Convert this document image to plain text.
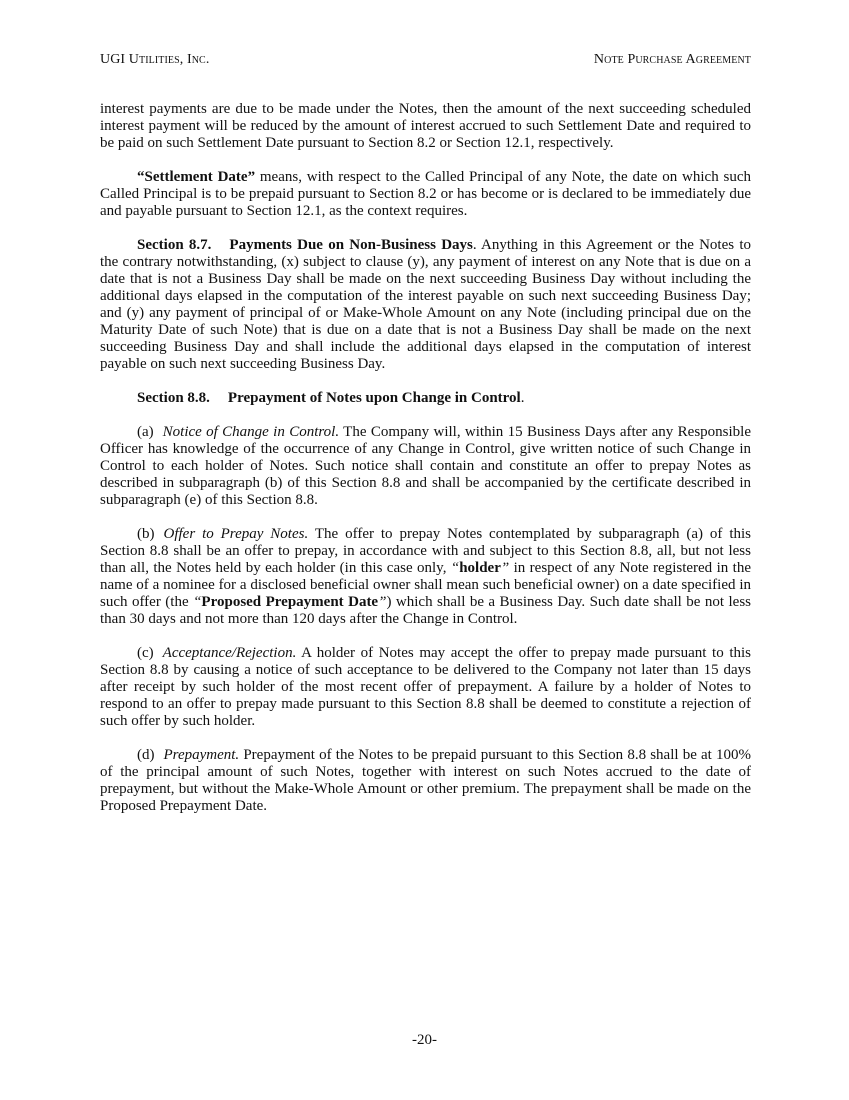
UGI Utilities, Inc.	Note Purchase Agreement

interest payments are due to be made under the Notes, then the amount of the next succeeding scheduled interest payment will be reduced by the amount of interest accrued to such Settlement Date and required to be paid on such Settlement Date pursuant to Section 8.2 or Section 12.1, respectively.

“Settlement Date” means, with respect to the Called Principal of any Note, the date on which such Called Principal is to be prepaid pursuant to Section 8.2 or has become or is declared to be immediately due and payable pursuant to Section 12.1, as the context requires.

Section 8.7. Payments Due on Non-Business Days. Anything in this Agreement or the Notes to the contrary notwithstanding, (x) subject to clause (y), any payment of interest on any Note that is due on a date that is not a Business Day shall be made on the next succeeding Business Day without including the additional days elapsed in the computation of the interest payable on such next succeeding Business Day; and (y) any payment of principal of or Make-Whole Amount on any Note (including principal due on the Maturity Date of such Note) that is due on a date that is not a Business Day shall be made on the next succeeding Business Day and shall include the additional days elapsed in the computation of interest payable on such next succeeding Business Day.

Section 8.8. Prepayment of Notes upon Change in Control.

(a) Notice of Change in Control. The Company will, within 15 Business Days after any Responsible Officer has knowledge of the occurrence of any Change in Control, give written notice of such Change in Control to each holder of Notes. Such notice shall contain and constitute an offer to prepay Notes as described in subparagraph (b) of this Section 8.8 and shall be accompanied by the certificate described in subparagraph (e) of this Section 8.8.

(b) Offer to Prepay Notes. The offer to prepay Notes contemplated by subparagraph (a) of this Section 8.8 shall be an offer to prepay, in accordance with and subject to this Section 8.8, all, but not less than all, the Notes held by each holder (in this case only, “holder” in respect of any Note registered in the name of a nominee for a disclosed beneficial owner shall mean such beneficial owner) on a date specified in such offer (the “Proposed Prepayment Date”) which shall be a Business Day. Such date shall be not less than 30 days and not more than 120 days after the Change in Control.

(c) Acceptance/Rejection. A holder of Notes may accept the offer to prepay made pursuant to this Section 8.8 by causing a notice of such acceptance to be delivered to the Company not later than 15 days after receipt by such holder of the most recent offer of prepayment. A failure by a holder of Notes to respond to an offer to prepay made pursuant to this Section 8.8 shall be deemed to constitute a rejection of such offer by such holder.

(d) Prepayment. Prepayment of the Notes to be prepaid pursuant to this Section 8.8 shall be at 100% of the principal amount of such Notes, together with interest on such Notes accrued to the date of prepayment, but without the Make-Whole Amount or other premium. The prepayment shall be made on the Proposed Prepayment Date.

-20-
